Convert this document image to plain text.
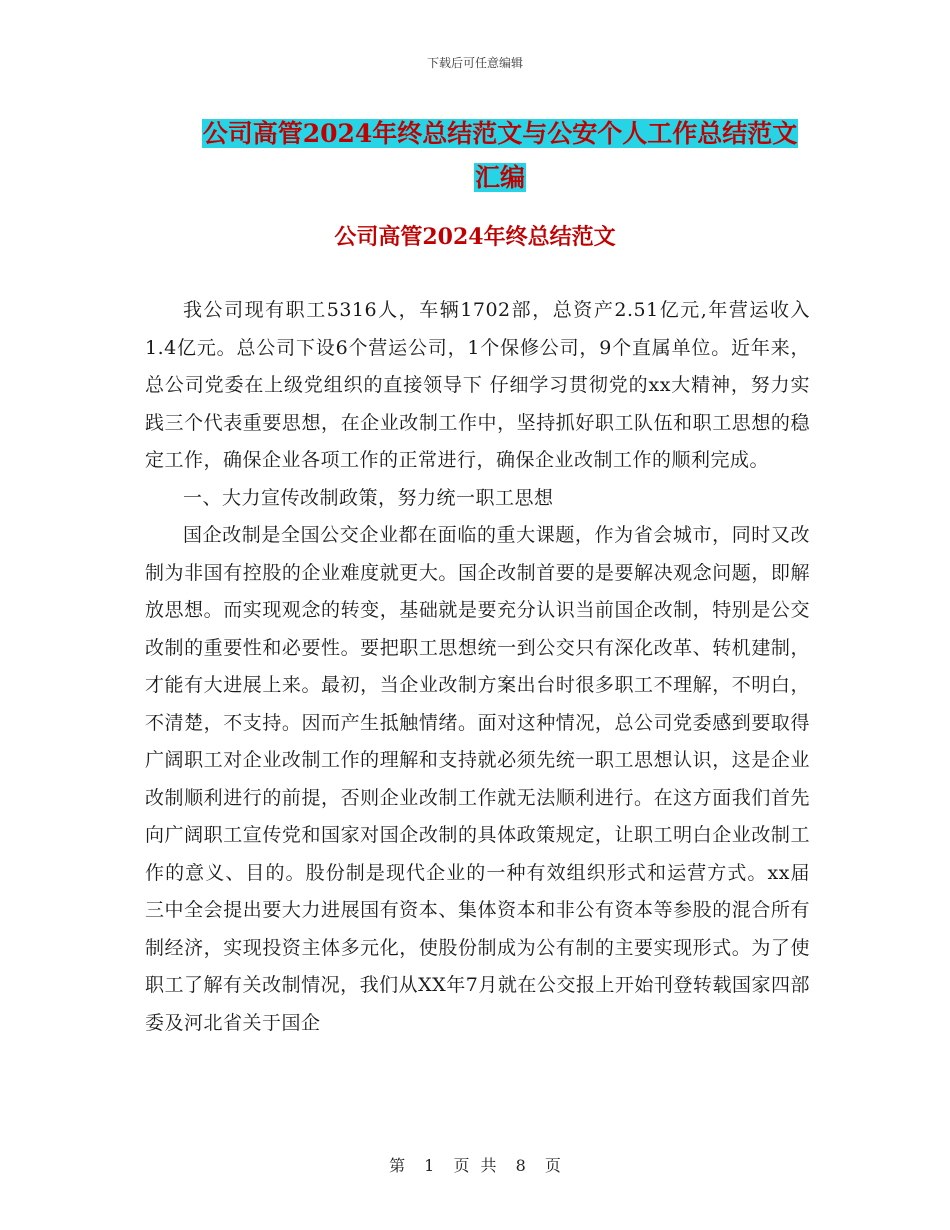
下载后可任意编辑
公司高管2024年终总结范文与公安个人工作总结范文
汇编
公司高管2024年终总结范文

我公司现有职工5316人，车辆1702部，总资产2.51亿元,年营运收入1.4亿元。总公司下设6个营运公司，1个保修公司，9个直属单位。近年来，总公司党委在上级党组织的直接领导下 仔细学习贯彻党的xx大精神，努力实践三个代表重要思想，在企业改制工作中，坚持抓好职工队伍和职工思想的稳定工作，确保企业各项工作的正常进行，确保企业改制工作的顺利完成。

一、大力宣传改制政策，努力统一职工思想

国企改制是全国公交企业都在面临的重大课题，作为省会城市，同时又改制为非国有控股的企业难度就更大。国企改制首要的是要解决观念问题，即解放思想。而实现观念的转变，基础就是要充分认识当前国企改制，特别是公交改制的重要性和必要性。要把职工思想统一到公交只有深化改革、转机建制，才能有大进展上来。最初，当企业改制方案出台时很多职工不理解，不明白，不清楚，不支持。因而产生抵触情绪。面对这种情况，总公司党委感到要取得广阔职工对企业改制工作的理解和支持就必须先统一职工思想认识，这是企业改制顺利进行的前提，否则企业改制工作就无法顺利进行。在这方面我们首先向广阔职工宣传党和国家对国企改制的具体政策规定，让职工明白企业改制工作的意义、目的。股份制是现代企业的一种有效组织形式和运营方式。xx届三中全会提出要大力进展国有资本、集体资本和非公有资本等参股的混合所有制经济，实现投资主体多元化，使股份制成为公有制的主要实现形式。为了使职工了解有关改制情况，我们从XX年7月就在公交报上开始刊登转载国家四部委及河北省关于国企

第 1 页 共 8 页
